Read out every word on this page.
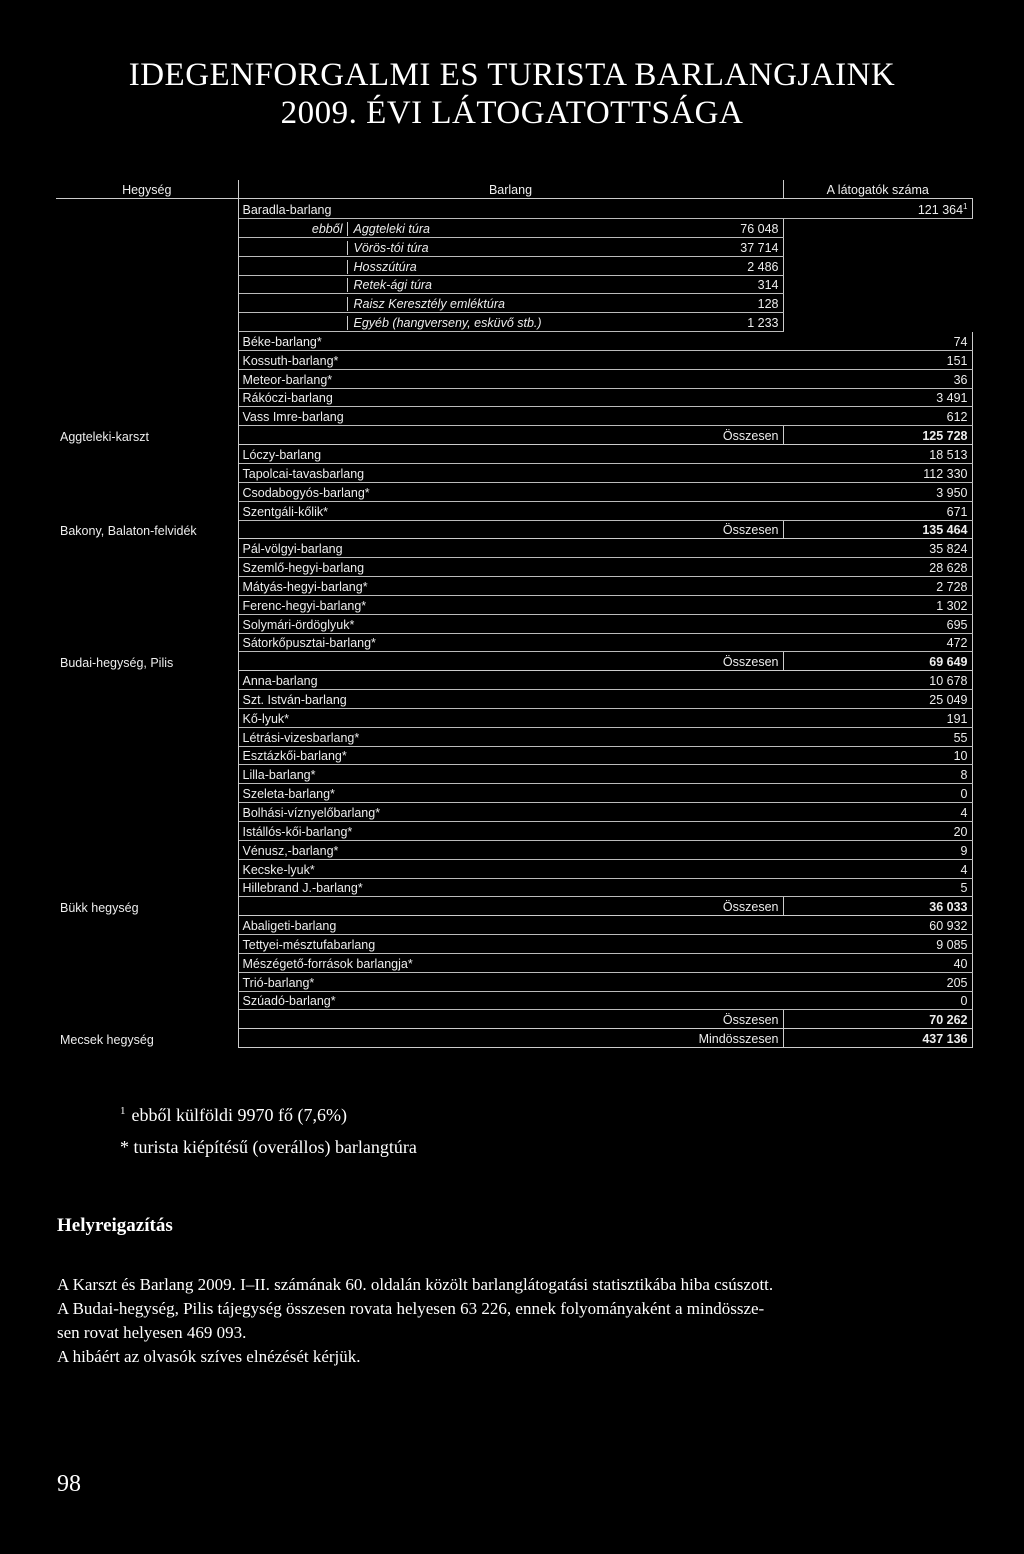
IDEGENFORGALMI ES TURISTA BARLANGJAINK
2009. ÉVI LÁTOGATOTTSÁGA
Hegység	Barlang		A látogatók száma
Aggteleki-karszt	Baradla-barlang		121 $364^1$
	ebből Aggteleki túra	76 048	
	Vörös-tói túra	37 714	
	Hosszútúra	2 486	
	Retek-ági túra	314	
	Raisz Keresztély emléktúra	128	
	Egyéb (hangverseny, esküvő stb.)	1 233	
	Béke-barlang*		74
	Kossuth-barlang*		151
	Meteor-barlang*		36
	Rákóczi-barlang		3 491
	Vass Imre-barlang		612
		Összesen	125 728
Bakony, Balaton-felvidék	Lóczy-barlang		18 513
	Tapolcai-tavasbarlang		112 330
	Csodabogyós-barlang*		3 950
	Szentgáli-kőlik*		671
		Összesen	135 464
Budai-hegység, Pilis	Pál-völgyi-barlang		35 824
	Szemlő-hegyi-barlang		28 628
	Mátyás-hegyi-barlang*		2 728
	Ferenc-hegyi-barlang*		1 302
	Solymári-ördöglyuk*		695
	Sátorkőpusztai-barlang*		472
		Összesen	69 649
Bükk hegység	Anna-barlang		10 678
	Szt. István-barlang		25 049
	Kő-lyuk*		191
	Létrási-vizesbarlang*		55
	Esztázkői-barlang*		10
	Lilla-barlang*		8
	Szeleta-barlang*		0
	Bolhási-víznyelőbarlang*		4
	Istállós-kői-barlang*		20
	Vénusz,-barlang*		9
	Kecske-lyuk*		4
	Hillebrand J.-barlang*		5
		Összesen	36 033
Mecsek hegység	Abaligeti-barlang		60 932
	Tettyei-mésztufabarlang		9 085
	Mészégető-források barlangja*		40
	Trió-barlang*		205
	Szúadó-barlang*		0
		Összesen	70 262
		Mindösszesen	437 136
$^1$ ebből külföldi 9970 fő (7,6%)
* turista kiépítésű (overállos) barlangtúra
Helyreigazítás
A Karszt és Barlang 2009. I–II. számának 60. oldalán közölt barlanglátogatási statisztikába hiba csúszott.
A Budai-hegység, Pilis tájegység összesen rovata helyesen 63 226, ennek folyományaként a mindössze-
sen rovat helyesen 469 093.
A hibáért az olvasók szíves elnézését kérjük.
98
